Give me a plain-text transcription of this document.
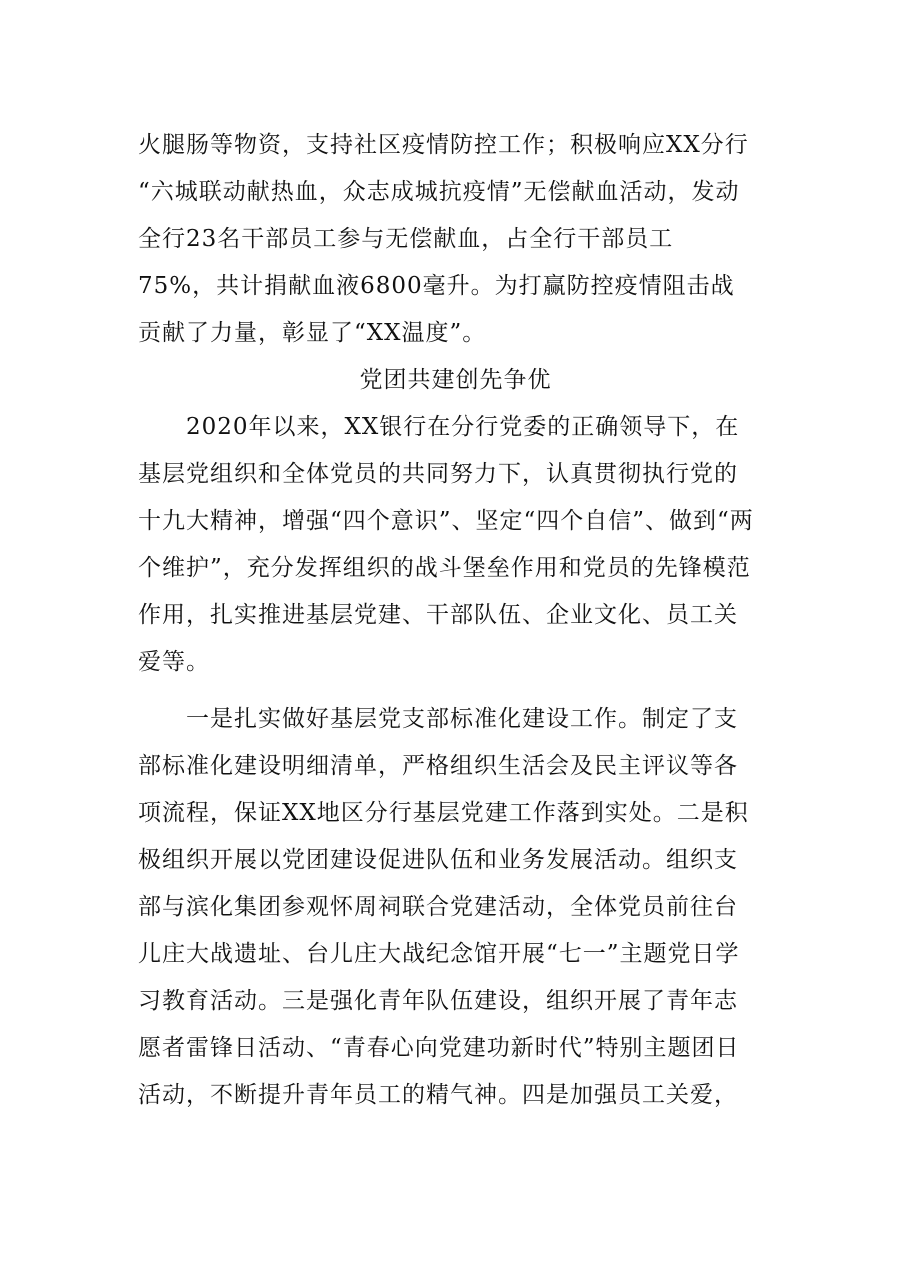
火腿肠等物资，支持社区疫情防控工作；积极响应XX分行

“六城联动献热血，众志成城抗疫情”无偿献血活动，发动

全行23名干部员工参与无偿献血，占全行干部员工

75%，共计捐献血液6800毫升。为打赢防控疫情阻击战

贡献了力量，彰显了“XX温度”。

党团共建创先争优

2020年以来，XX银行在分行党委的正确领导下，在

基层党组织和全体党员的共同努力下，认真贯彻执行党的

十九大精神，增强“四个意识”、坚定“四个自信”、做到“两

个维护”，充分发挥组织的战斗堡垒作用和党员的先锋模范

作用，扎实推进基层党建、干部队伍、企业文化、员工关

爱等。

一是扎实做好基层党支部标准化建设工作。制定了支

部标准化建设明细清单，严格组织生活会及民主评议等各

项流程，保证XX地区分行基层党建工作落到实处。二是积

极组织开展以党团建设促进队伍和业务发展活动。组织支

部与滨化集团参观怀周祠联合党建活动，全体党员前往台

儿庄大战遗址、台儿庄大战纪念馆开展“七一”主题党日学

习教育活动。三是强化青年队伍建设，组织开展了青年志

愿者雷锋日活动、“青春心向党建功新时代”特别主题团日

活动，不断提升青年员工的精气神。四是加强员工关爱，
